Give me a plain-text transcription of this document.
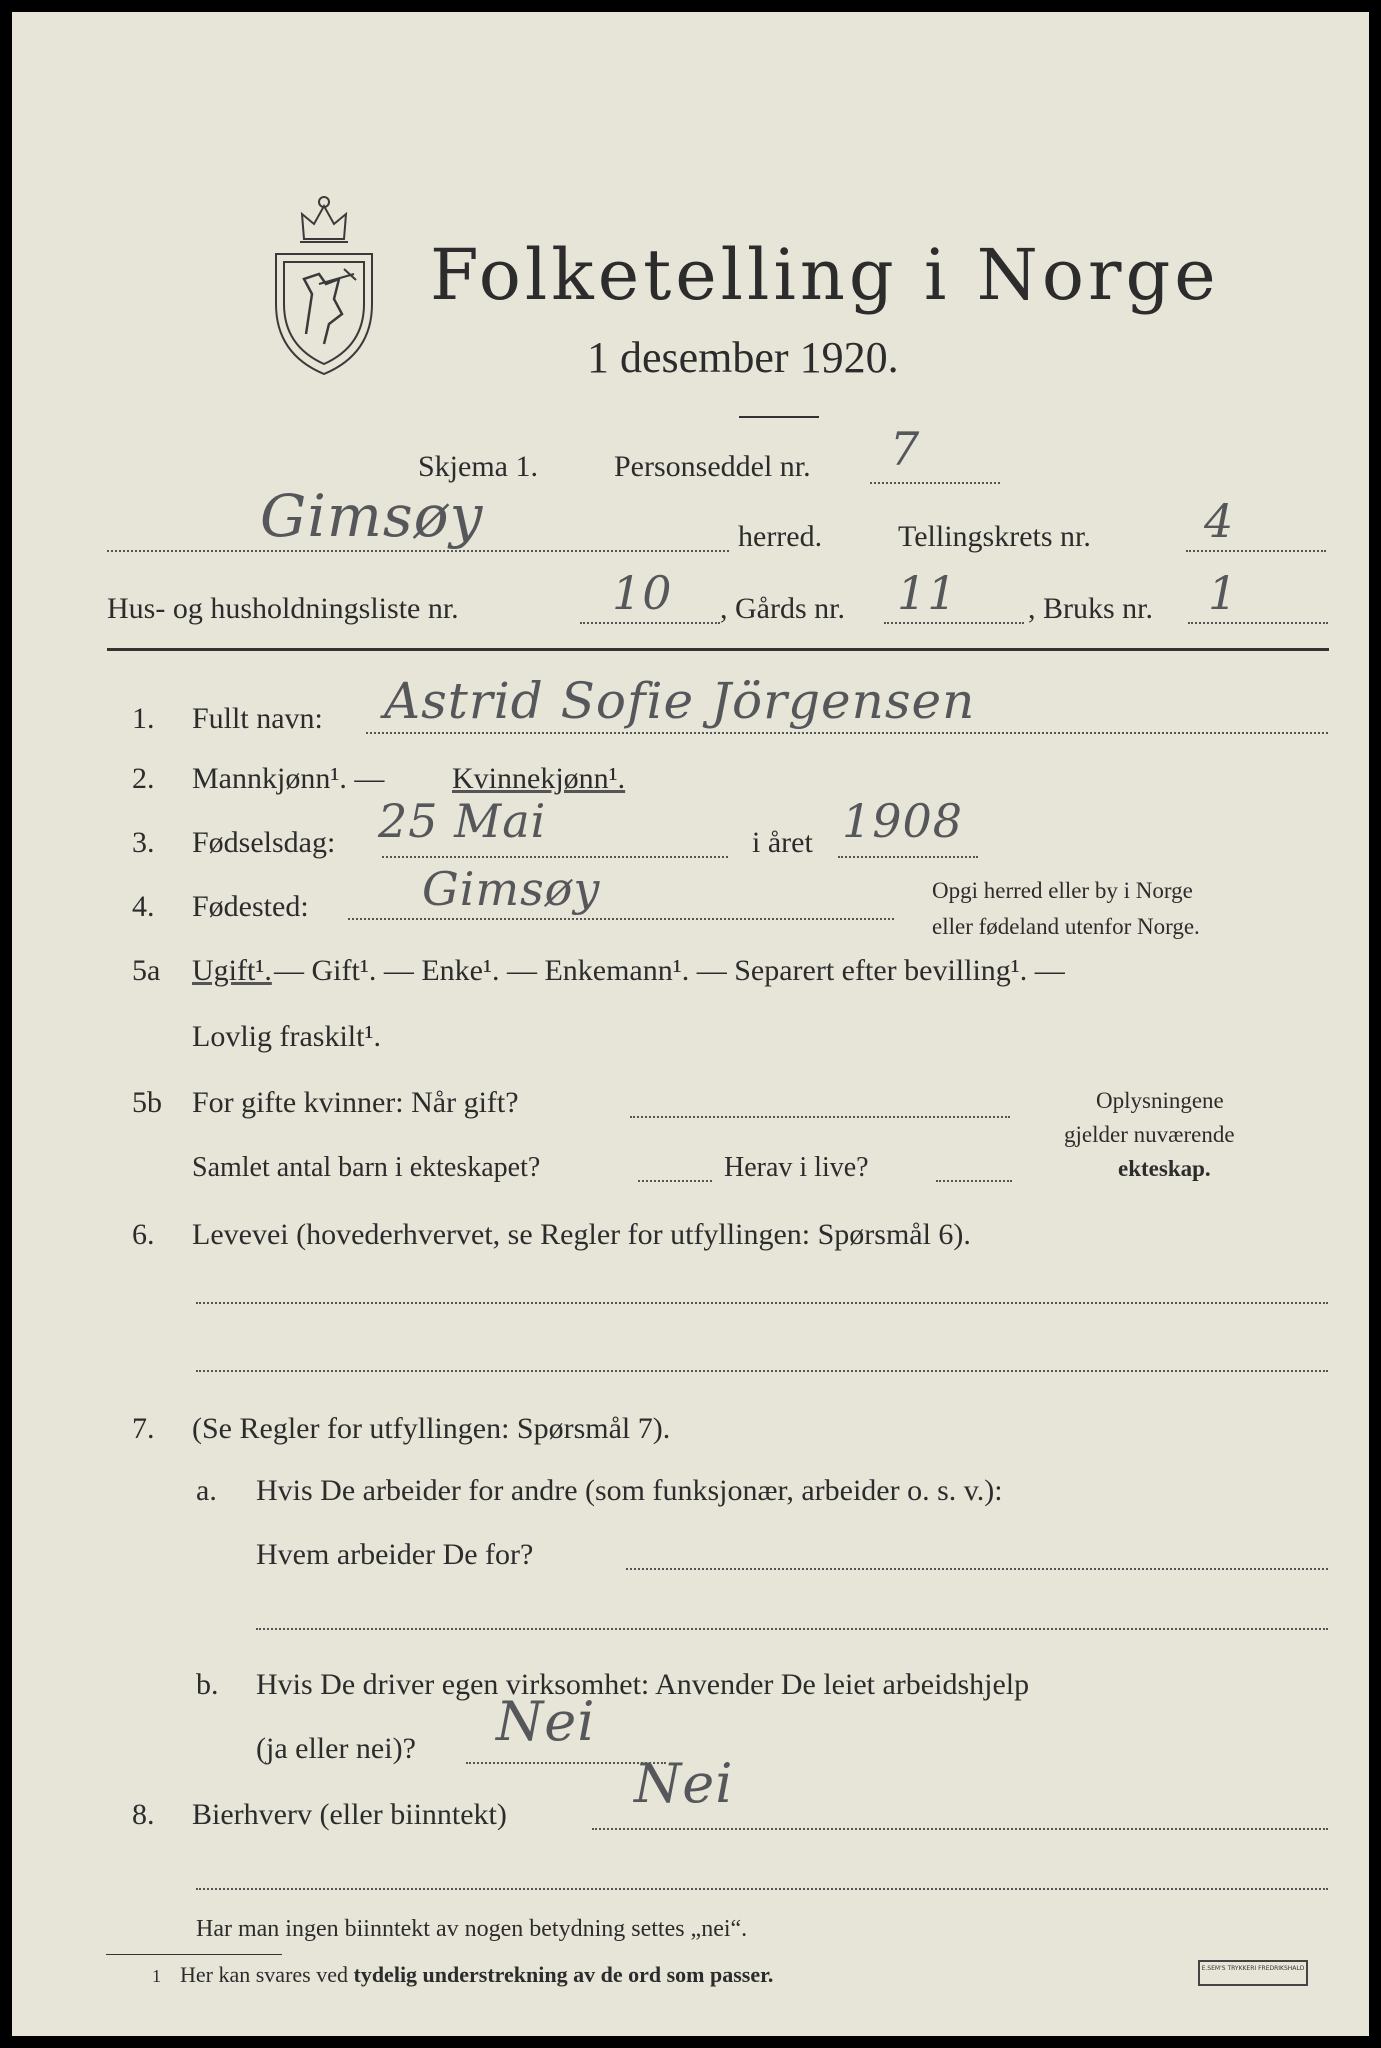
Folketelling i Norge
1 desember 1920.
Skjema 1.	Personseddel nr. 7
Gimsøy	herred.	Tellingskrets nr. 4
Hus- og husholdningsliste nr.	10 , Gårds nr. 11 , Bruks nr. 1
1. Fullt navn: Astrid Sofie Jörgensen
2. Mannkjønn¹. — Kvinnekjønn¹.
3. Fødselsdag: 25 Mai	i året 1908
4. Fødested: Gimsøy	Opgi herred eller by i Norge
eller fødeland utenfor Norge.
5a Ugift¹. — Gift¹. — Enke¹. — Enkemann¹. — Separert efter bevilling¹. —
Lovlig fraskilt¹.
5b For gifte kvinner: Når gift?
Samlet antal barn i ekteskapet?	Herav i live?
Oplysningene
gjelder nuværende
ekteskap.
6. Levevei (hovederhvervet, se Regler for utfyllingen: Spørsmål 6).
7. (Se Regler for utfyllingen: Spørsmål 7).
a. Hvis De arbeider for andre (som funksjonær, arbeider o. s. v.):
Hvem arbeider De for?
b. Hvis De driver egen virksomhet: Anvender De leiet arbeidshjelp
(ja eller nei)? Nei
8. Bierhverv (eller biinntekt) Nei
Har man ingen biinntekt av nogen betydning settes „nei“.
1 Her kan svares ved tydelig understrekning av de ord som passer.	E.SEM'S TRYKKERI FREDRIKSHALD
